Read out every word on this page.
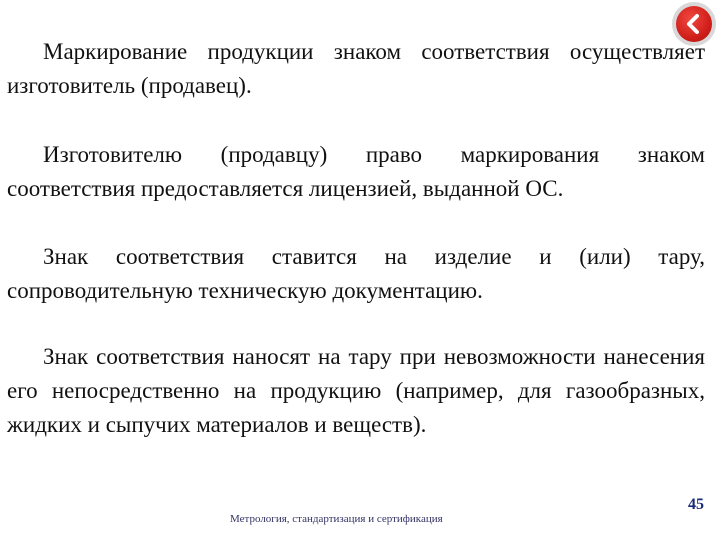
Маркирование продукции знаком соответствия осуществляет изготовитель (продавец).

Изготовителю (продавцу) право маркирования знаком соответствия предоставляется лицензией, выданной ОС.

Знак соответствия ставится на изделие и (или) тару, сопроводительную техническую документацию.

Знак соответствия наносят на тару при невозможности нанесения его непосредственно на продукцию (например, для газообразных, жидких и сыпучих материалов и веществ).

Метрология, стандартизация и сертификация
45
